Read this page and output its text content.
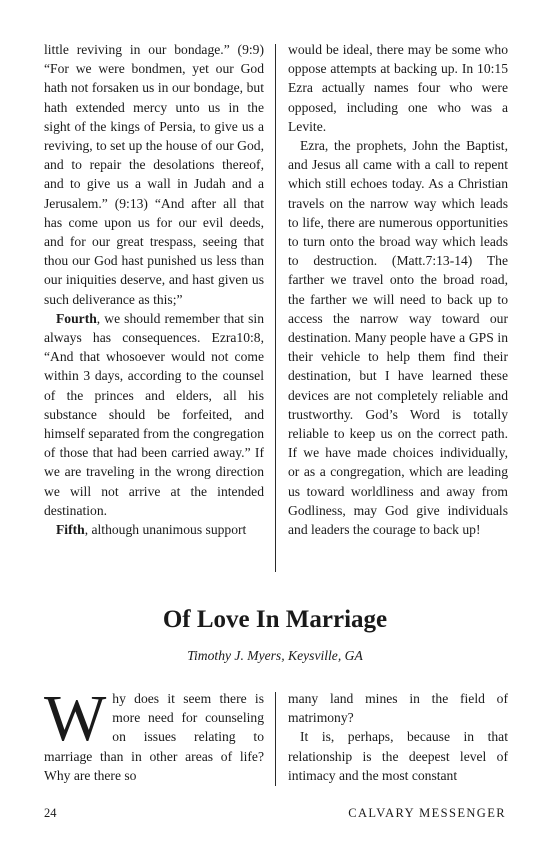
little reviving in our bondage.” (9:9) “For we were bondmen, yet our God hath not forsaken us in our bondage, but hath extended mercy unto us in the sight of the kings of Persia, to give us a reviving, to set up the house of our God, and to repair the desolations thereof, and to give us a wall in Judah and a Jerusalem.” (9:13) “And after all that has come upon us for our evil deeds, and for our great trespass, seeing that thou our God hast punished us less than our iniquities deserve, and hast given us such deliverance as this;”

Fourth, we should remember that sin always has consequences. Ezra10:8, “And that whosoever would not come within 3 days, according to the counsel of the princes and elders, all his substance should be forfeited, and himself separated from the congregation of those that had been carried away.” If we are traveling in the wrong direction we will not arrive at the intended destination.

Fifth, although unanimous support

would be ideal, there may be some who oppose attempts at backing up. In 10:15 Ezra actually names four who were opposed, including one who was a Levite.

Ezra, the prophets, John the Baptist, and Jesus all came with a call to repent which still echoes today. As a Christian travels on the narrow way which leads to life, there are numerous opportunities to turn onto the broad way which leads to destruction. (Matt.7:13-14) The farther we travel onto the broad road, the farther we will need to back up to access the narrow way toward our destination. Many people have a GPS in their vehicle to help them find their destination, but I have learned these devices are not completely reliable and trustworthy. God’s Word is totally reliable to keep us on the correct path. If we have made choices individually, or as a congregation, which are leading us toward worldliness and away from Godliness, may God give individuals and leaders the courage to back up!

Of Love In Marriage

Timothy J. Myers, Keysville, GA

Why does it seem there is more need for counseling on issues relating to marriage than in other areas of life? Why are there so

many land mines in the field of matrimony?

It is, perhaps, because in that relationship is the deepest level of intimacy and the most constant

24	CALVARY MESSENGER
